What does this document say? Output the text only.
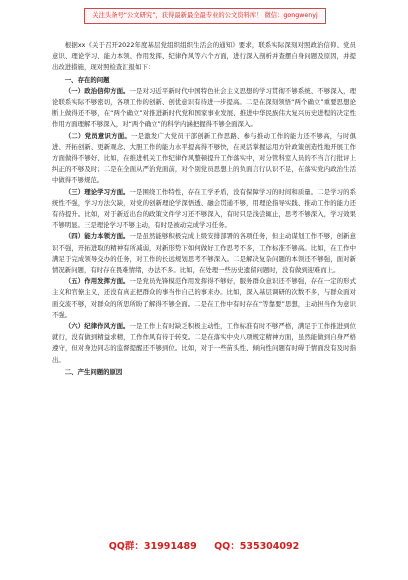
关注头条号“公文研究”，获得最新最全最专业的公文资料库！ 微信：gongwenyj

根据xx《关于召开2022年度基层党组织组织生活会的通知》要求，联系实际深刻对照政治信仰、党员意识、理论学习、能力本领、作用发挥、纪律作风等六个方面，进行深入剖析并查摆自身问题及原因，并提出改进措施，现对照检查汇报如下：

一、存在的问题

（一）政治信仰方面。一是对习近平新时代中国特色社会主义思想的学习贯彻不够系统、不够深入，理论联系实际不够密切，各项工作的创新、创优意识有待进一步提高。二是在深刻领悟“两个确立”重要思想论断上做得还不够，在“两个确立”对推进新时代党和国家事业发展、推进中华民族伟大复兴历史进程的决定性作用方面理解不够深入，对“两个确立”的科学内涵把握得不够全面深入。

（二）党员意识方面。一是激发广大党员干部创新工作思路、参与推动工作的能力还不够高，与时俱进、开拓创新、更新观念、大胆工作的能力水平提高得不够快，在灵活掌握运用方针政策创造性地开展工作方面做得不够好、比如，在推进机关工作纪律作风整顿提升工作落实中，对分管科室人员的不当言行批评上纠正的不够及时；二是在全面从严治党面前，对个别党员思想上的负面言行认识不足，在落实党内政治生活中做得不够规范。

（三）理论学习方面。一是围绕工作特性，存在工学矛盾，没有保障学习的时间和质量。二是学习的系统性不强，学习方法欠缺，对党的创新理论学深悟透、融会贯通不够，用理论指导实践、推动工作的能力还有待提升。比如，对于新近出台的政策文件学习还不够深入，有时只是浅尝辄止，思考不够深入，学习效果不够明显。三是理论学习不够主动，有时是被动完成学习任务。

（四）能力本领方面。一是虽然能够积极完成上级安排部署的各项任务，但主动谋划工作不够，创新意识不强，开拓进取的精神有所减弱，对新形势下如何做好工作思考不多，工作标准不够高。比如，在工作中满足于完成领导交办的任务，对工作的长远规划思考不够深入。二是解决复杂问题的本领还不够强，面对新情况新问题，有时存在畏难情绪，办法不多。比如，在处理一些历史遗留问题时，没有做到迎难而上。

（五）作用发挥方面。一是党员先锋模范作用发挥得不够好，服务群众意识还不够强，存在一定的形式主义和官僚主义，还没有真正把群众的事当作自己的事来办。比如，深入基层调研的次数不多，与群众面对面交流不够，对群众的所思所盼了解得不够全面。二是在工作中有时存在“等靠要”思想，主动担当作为意识不强。

（六）纪律作风方面。一是工作上有时缺乏积极主动性，工作标准有时不够严格，满足于工作推进到位就行，没有做到精益求精，工作作风有待于转变。二是在落实中央八项规定精神方面，虽然能做到自身严格遵守，但对身边同志的监督提醒还不够到位。比如，对于一些苗头性、倾向性问题有时碍于情面没有及时指出。

二、产生问题的原因

QQ群：31991489 QQ：535304092
